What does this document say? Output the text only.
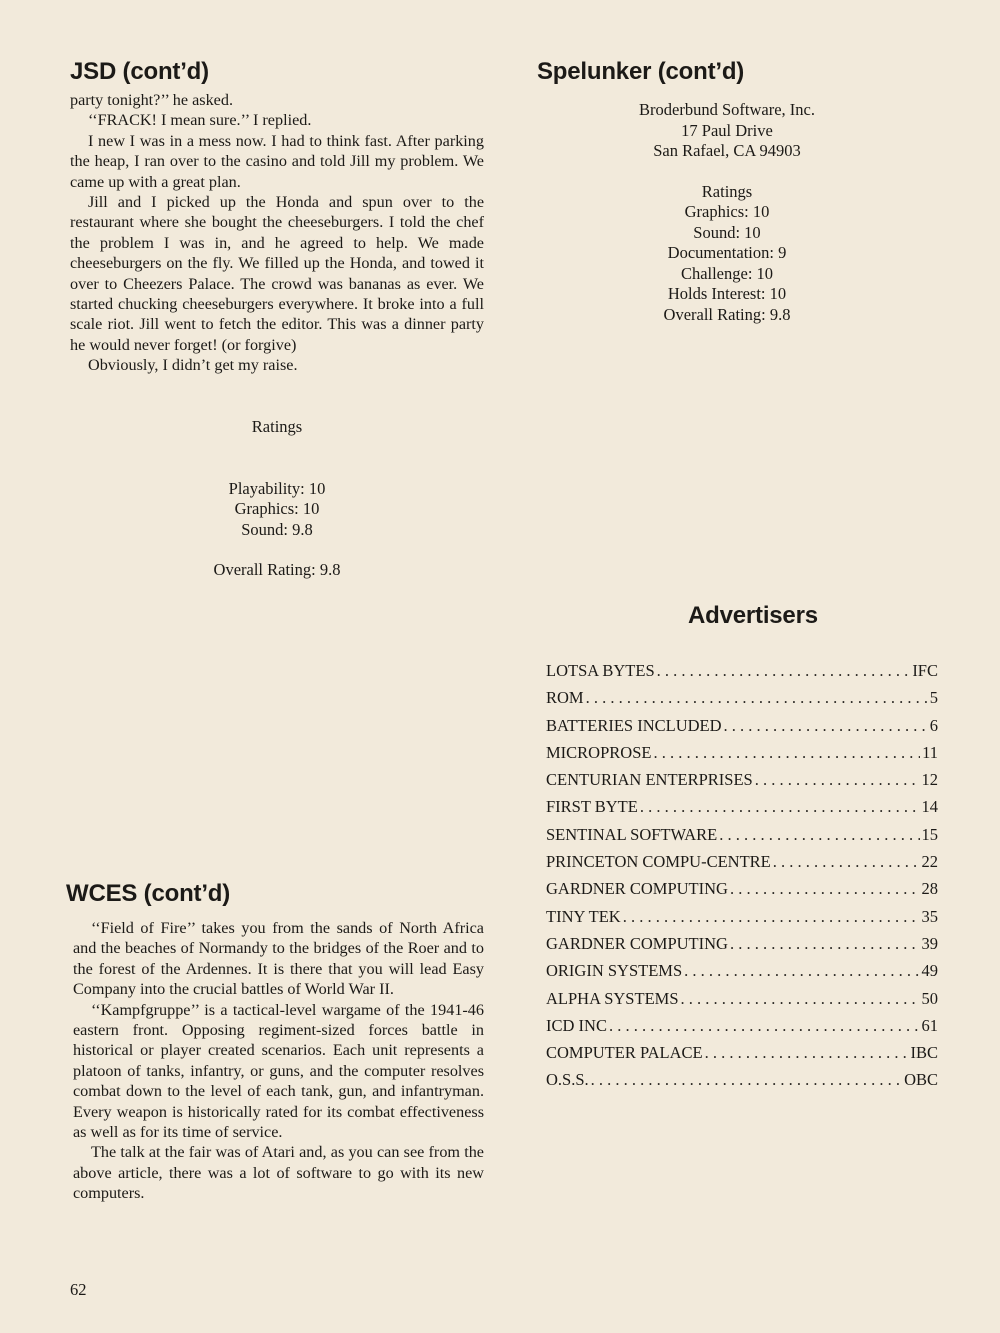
JSD (cont’d)

party tonight?’’ he asked.

‘‘FRACK! I mean sure.’’ I replied.

I new I was in a mess now. I had to think fast. After parking the heap, I ran over to the casino and told Jill my problem. We came up with a great plan.

Jill and I picked up the Honda and spun over to the restaurant where she bought the cheeseburgers. I told the chef the problem I was in, and he agreed to help. We made cheeseburgers on the fly. We filled up the Honda, and towed it over to Cheezers Palace. The crowd was bananas as ever. We started chucking cheeseburgers everywhere. It broke into a full scale riot. Jill went to fetch the editor. This was a dinner party he would never forget! (or forgive)

Obviously, I didn’t get my raise.

Ratings
Playability: 10
Graphics: 10
Sound: 9.8
Overall Rating: 9.8
Spelunker (cont’d)
Broderbund Software, Inc.
17 Paul Drive
San Rafael, CA 94903
Ratings
Graphics: 10
Sound: 10
Documentation: 9
Challenge: 10
Holds Interest: 10
Overall Rating: 9.8
Advertisers
LOTSA BYTES . . .	IFC
ROM . . .	5
BATTERIES INCLUDED . . .	6
MICROPROSE . . .	11
CENTURIAN ENTERPRISES . . .	12
FIRST BYTE . . .	14
SENTINAL SOFTWARE . . .	15
PRINCETON COMPU-CENTRE . . .	22
GARDNER COMPUTING . . .	28
TINY TEK . . .	35
GARDNER COMPUTING . . .	39
ORIGIN SYSTEMS . . .	49
ALPHA SYSTEMS . . .	50
ICD INC . . .	61
COMPUTER PALACE . . .	IBC
O.S.S. . . .	OBC
WCES (cont’d)

‘‘Field of Fire’’ takes you from the sands of North Africa and the beaches of Normandy to the bridges of the Roer and to the forest of the Ardennes. It is there that you will lead Easy Company into the crucial battles of World War II.

‘‘Kampfgruppe’’ is a tactical-level wargame of the 1941-46 eastern front. Opposing regiment-sized forces battle in historical or player created scenarios. Each unit represents a platoon of tanks, infantry, or guns, and the computer resolves combat down to the level of each tank, gun, and infantryman. Every weapon is historically rated for its combat effectiveness as well as for its time of service.

The talk at the fair was of Atari and, as you can see from the above article, there was a lot of software to go with its new computers.

62
